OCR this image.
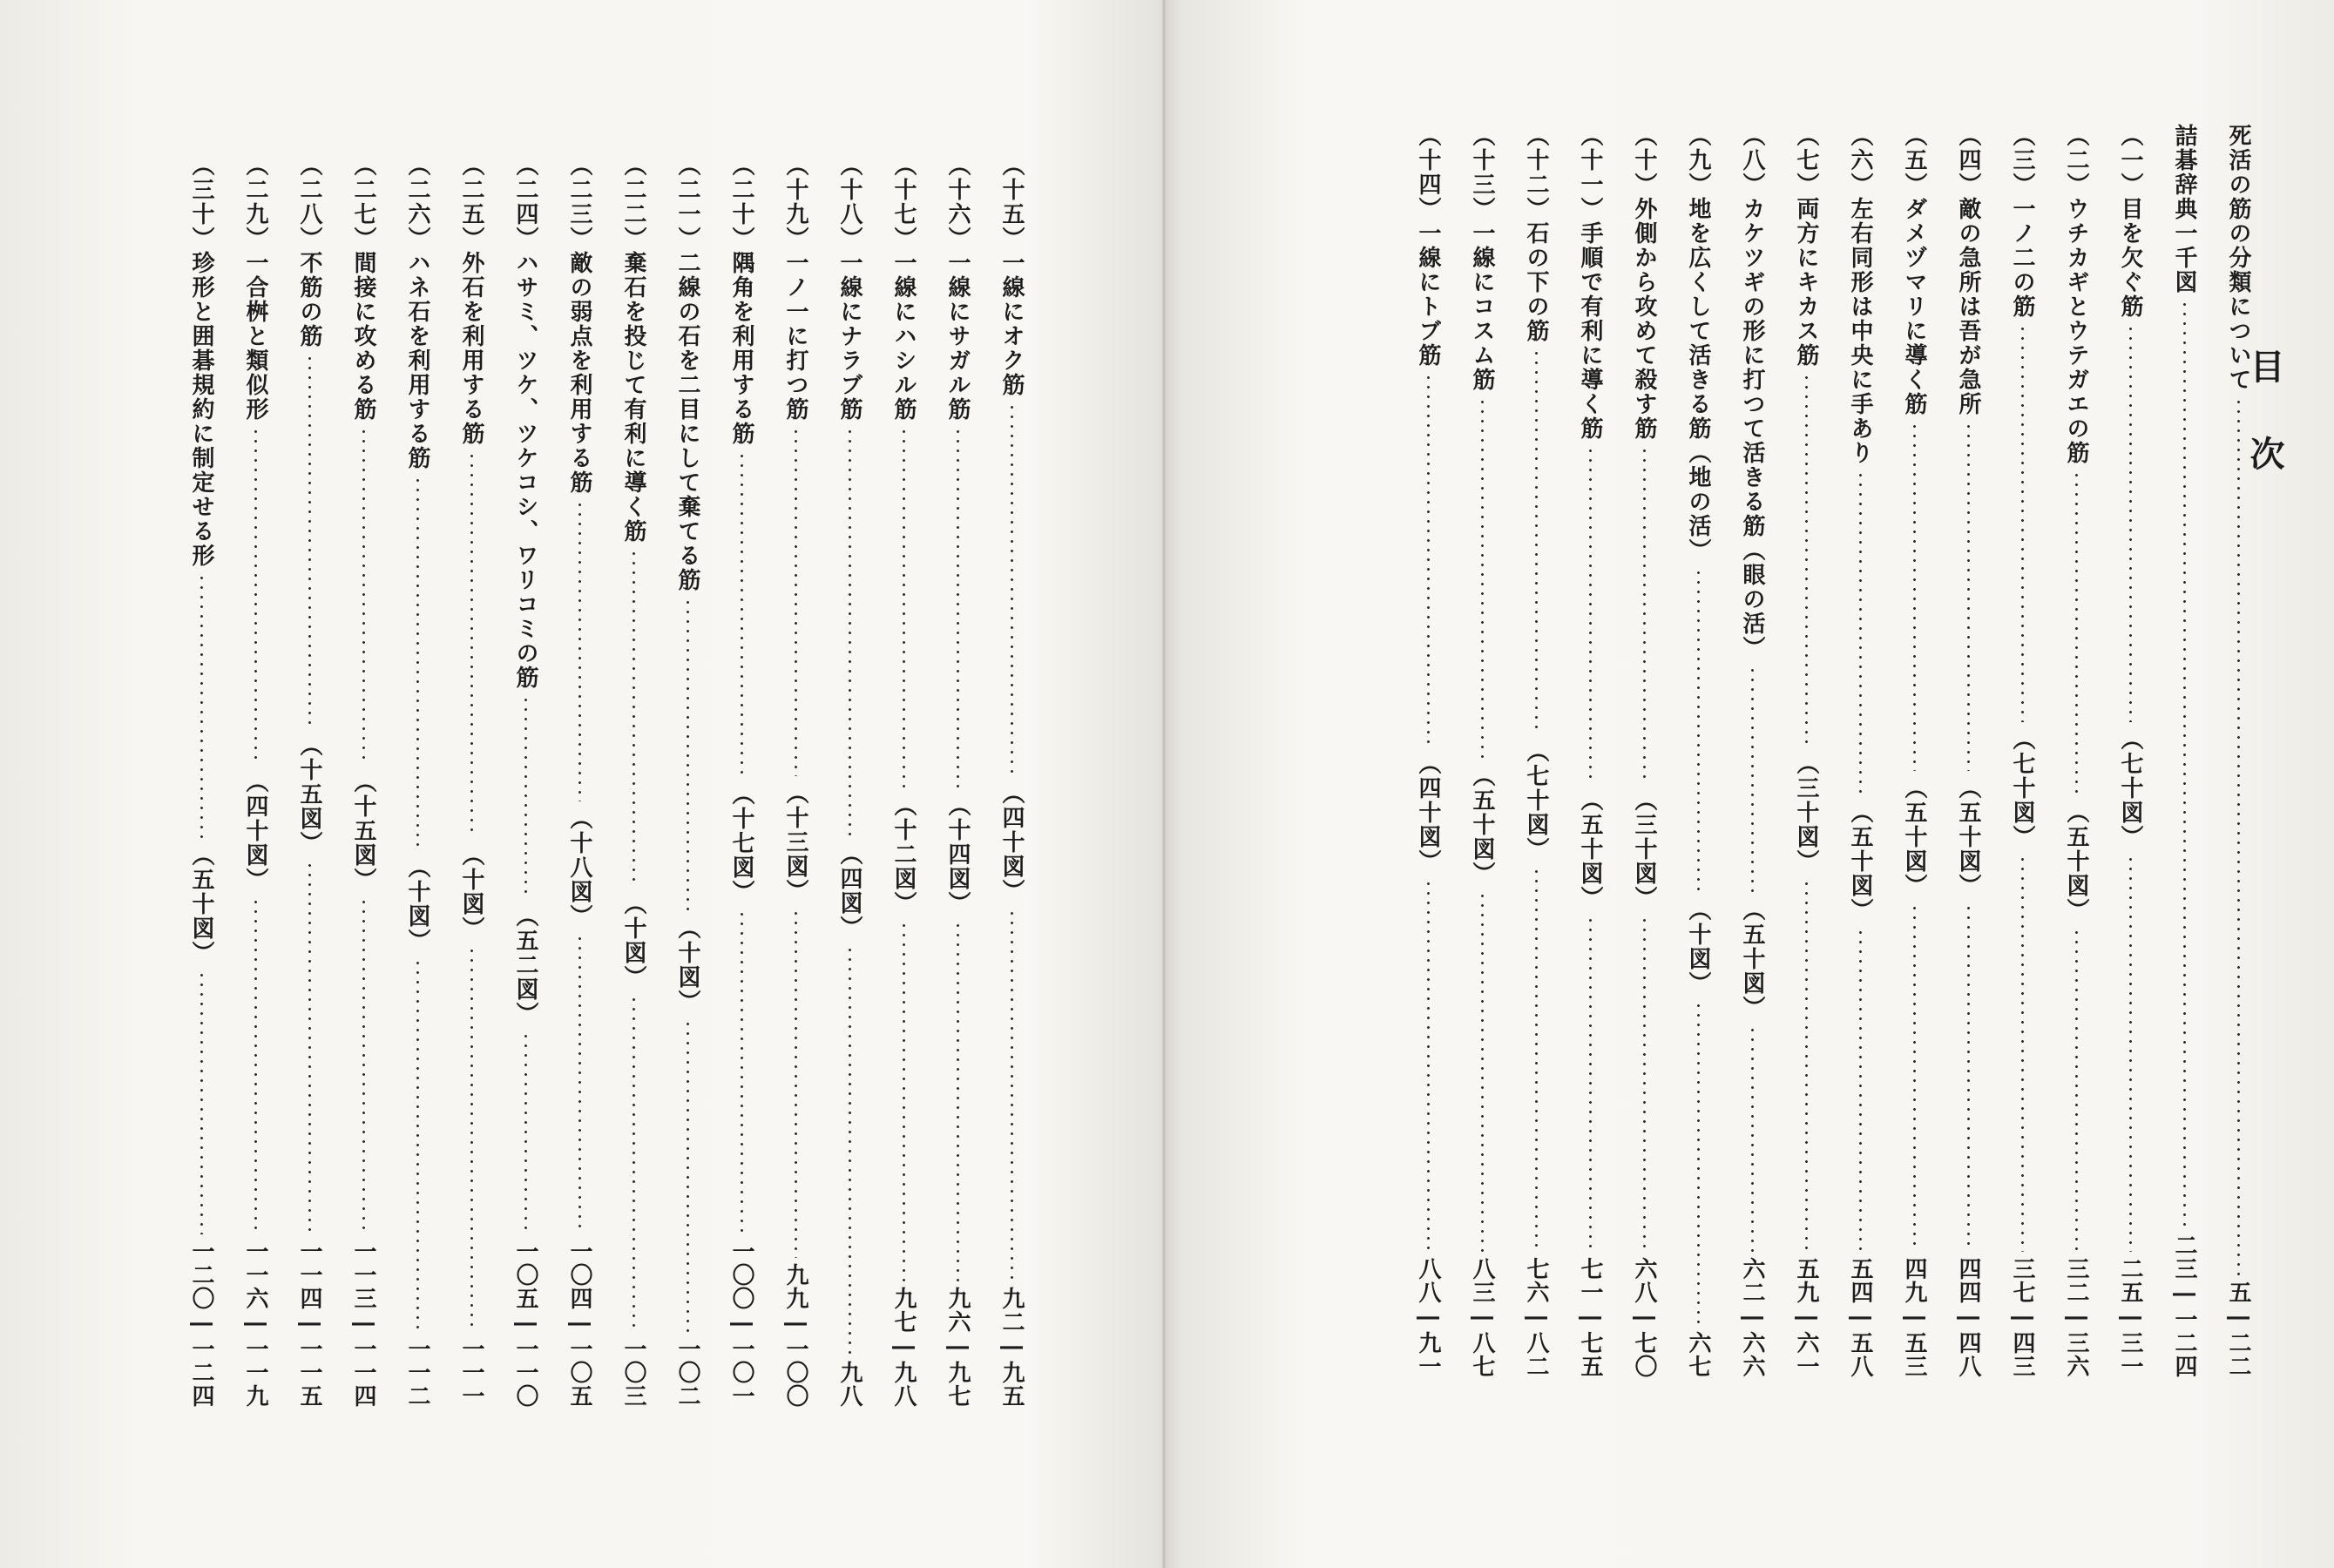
目次
死活の筋の分類について
五―二二
詰碁辞典一千図
二三―一二四
（一）目を欠ぐ筋
（七十図）
二五―三一
（二）ウチカギとウテガエの筋
（五十図）
三二―三六
（三）一ノ二の筋
（七十図）
三七―四三
（四）敵の急所は吾が急所
（五十図）
四四―四八
（五）ダメヅマリに導く筋
（五十図）
四九―五三
（六）左右同形は中央に手あり
（五十図）
五四―五八
（七）両方にキカス筋
（三十図）
五九―六一
（八）カケツギの形に打つて活きる筋（眼の活）
（五十図）
六二―六六
（九）地を広くして活きる筋（地の活）
（十図）
六七
（十）外側から攻めて殺す筋
（三十図）
六八―七〇
（十一）手順で有利に導く筋
（五十図）
七一―七五
（十二）石の下の筋
（七十図）
七六―八二
（十三）一線にコスム筋
（五十図）
八三―八七
（十四）一線にトブ筋
（四十図）
八八―九一
（十五）一線にオク筋
（四十図）
九二―九五
（十六）一線にサガル筋
（十四図）
九六―九七
（十七）一線にハシル筋
（十二図）
九七―九八
（十八）一線にナラブ筋
（四図）
九八
（十九）一ノ一に打つ筋
（十三図）
九九―一〇〇
（二十）隅角を利用する筋
（十七図）
一〇〇―一〇一
（二一）二線の石を二目にして棄てる筋
（十図）
一〇二
（二二）棄石を投じて有利に導く筋
（十図）
一〇三
（二三）敵の弱点を利用する筋
（十八図）
一〇四―一〇五
（二四）ハサミ、ツケ、ツケコシ、ワリコミの筋
（五二図）
一〇五―一一〇
（二五）外石を利用する筋
（十図）
一一一
（二六）ハネ石を利用する筋
（十図）
一一二
（二七）間接に攻める筋
（十五図）
一一三―一一四
（二八）不筋の筋
（十五図）
一一四―一一五
（二九）一合桝と類似形
（四十図）
一一六―一一九
（三十）珍形と囲碁規約に制定せる形
（五十図）
一二〇―一二四
